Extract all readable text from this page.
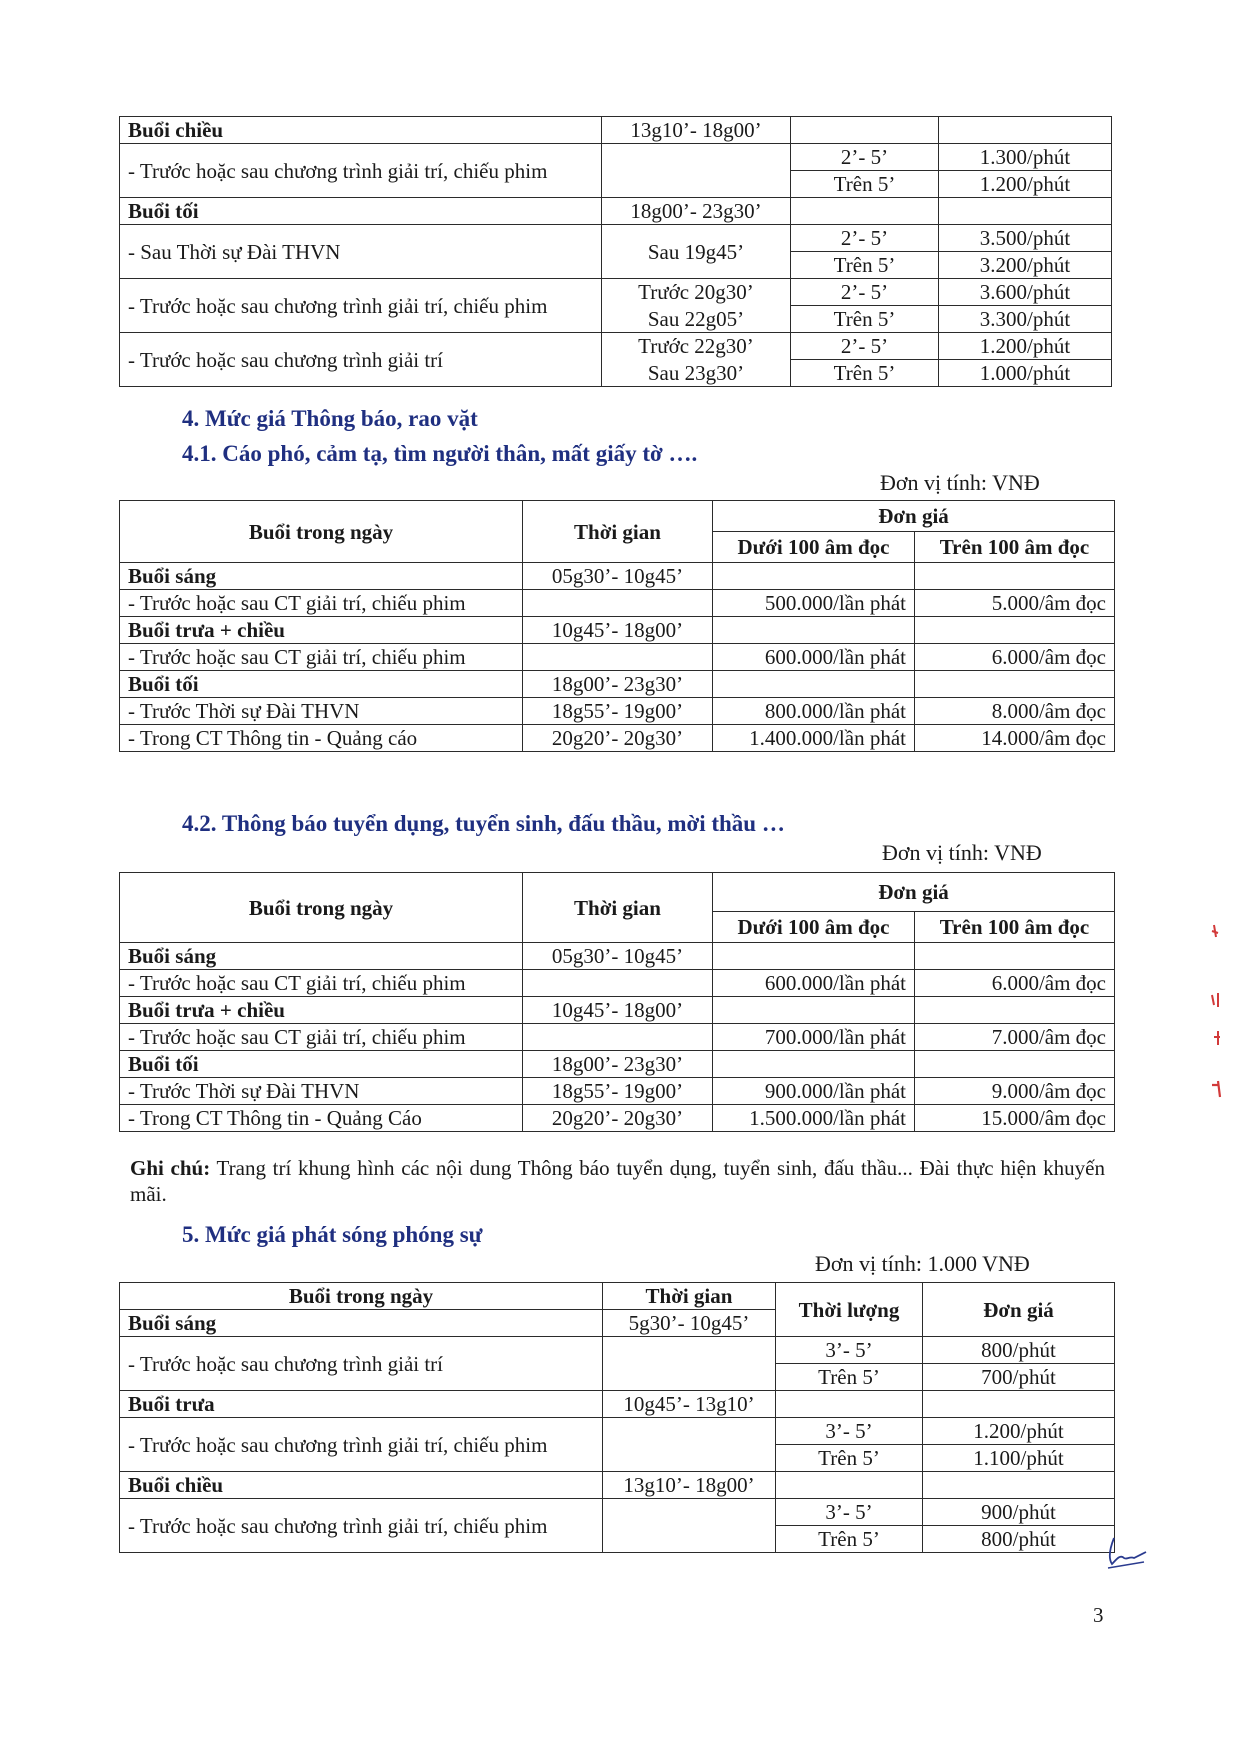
Buổi chiều	13g10’- 18g00’		
- Trước hoặc sau chương trình giải trí, chiếu phim		2’- 5’	1.300/phút
		Trên 5’	1.200/phút
Buổi tối	18g00’- 23g30’		
- Sau Thời sự Đài THVN	Sau 19g45’	2’- 5’	3.500/phút
		Trên 5’	3.200/phút
- Trước hoặc sau chương trình giải trí, chiếu phim	Trước 20g30’	2’- 5’	3.600/phút
	Sau 22g05’	Trên 5’	3.300/phút
- Trước hoặc sau chương trình giải trí	Trước 22g30’	2’- 5’	1.200/phút
	Sau 23g30’	Trên 5’	1.000/phút
4. Mức giá Thông báo, rao vặt
4.1. Cáo phó, cảm tạ, tìm người thân, mất giấy tờ ….
Đơn vị tính: VNĐ
Buổi trong ngày	Thời gian	Đơn giá	
		Dưới 100 âm đọc	Trên 100 âm đọc
Buổi sáng	05g30’- 10g45’		
- Trước hoặc sau CT giải trí, chiếu phim		500.000/lần phát	5.000/âm đọc
Buổi trưa + chiều	10g45’- 18g00’		
- Trước hoặc sau CT giải trí, chiếu phim		600.000/lần phát	6.000/âm đọc
Buổi tối	18g00’- 23g30’		
- Trước Thời sự Đài THVN	18g55’- 19g00’	800.000/lần phát	8.000/âm đọc
- Trong CT Thông tin - Quảng cáo	20g20’- 20g30’	1.400.000/lần phát	14.000/âm đọc
4.2. Thông báo tuyển dụng, tuyển sinh, đấu thầu, mời thầu …
Đơn vị tính: VNĐ
Buổi trong ngày	Thời gian	Đơn giá	
		Dưới 100 âm đọc	Trên 100 âm đọc
Buổi sáng	05g30’- 10g45’		
- Trước hoặc sau CT giải trí, chiếu phim		600.000/lần phát	6.000/âm đọc
Buổi trưa + chiều	10g45’- 18g00’		
- Trước hoặc sau CT giải trí, chiếu phim		700.000/lần phát	7.000/âm đọc
Buổi tối	18g00’- 23g30’		
- Trước Thời sự Đài THVN	18g55’- 19g00’	900.000/lần phát	9.000/âm đọc
- Trong CT Thông tin - Quảng Cáo	20g20’- 20g30’	1.500.000/lần phát	15.000/âm đọc
Ghi chú: Trang trí khung hình các nội dung Thông báo tuyển dụng, tuyển sinh, đấu thầu... Đài thực hiện khuyến mãi.
5. Mức giá phát sóng phóng sự
Đơn vị tính: 1.000 VNĐ
Buổi trong ngày	Thời gian	Thời lượng	Đơn giá
Buổi sáng	5g30’- 10g45’		
- Trước hoặc sau chương trình giải trí		3’- 5’	800/phút
		Trên 5’	700/phút
Buổi trưa	10g45’- 13g10’		
- Trước hoặc sau chương trình giải trí, chiếu phim		3’- 5’	1.200/phút
		Trên 5’	1.100/phút
Buổi chiều	13g10’- 18g00’		
- Trước hoặc sau chương trình giải trí, chiếu phim		3’- 5’	900/phút
		Trên 5’	800/phút
3
